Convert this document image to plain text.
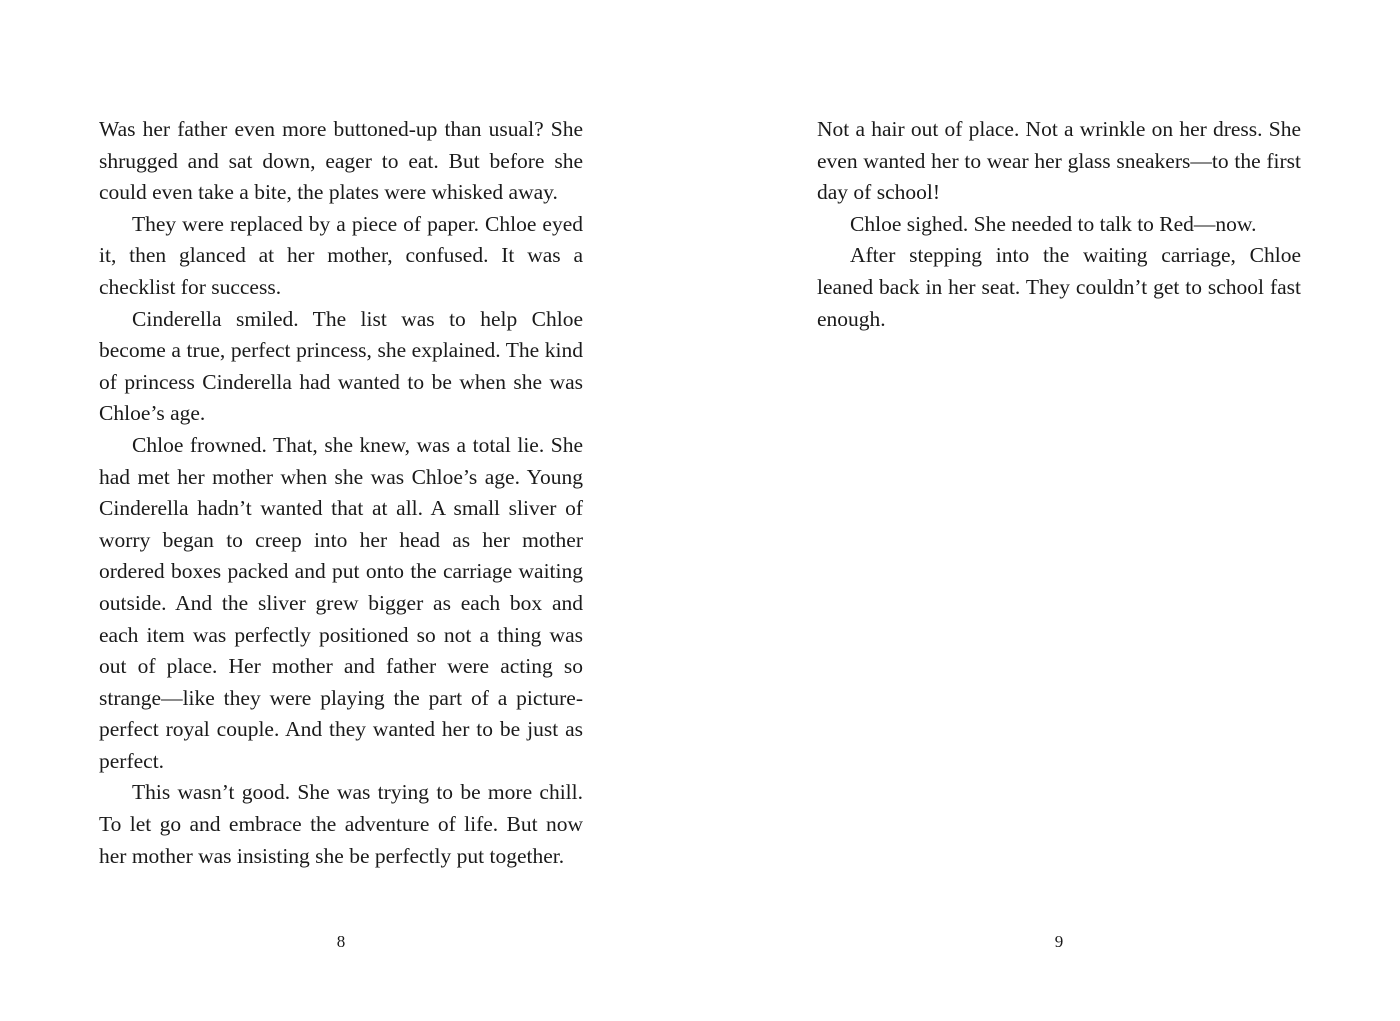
Was her father even more buttoned-up than usual? She shrugged and sat down, eager to eat. But before she could even take a bite, the plates were whisked away.

They were replaced by a piece of paper. Chloe eyed it, then glanced at her mother, confused. It was a checklist for success.

Cinderella smiled. The list was to help Chloe become a true, perfect princess, she explained. The kind of princess Cinderella had wanted to be when she was Chloe’s age.

Chloe frowned. That, she knew, was a total lie. She had met her mother when she was Chloe’s age. Young Cinderella hadn’t wanted that at all. A small sliver of worry began to creep into her head as her mother ordered boxes packed and put onto the carriage waiting outside. And the sliver grew bigger as each box and each item was perfectly positioned so not a thing was out of place. Her mother and father were acting so strange—like they were playing the part of a picture-perfect royal couple. And they wanted her to be just as perfect.

This wasn’t good. She was trying to be more chill. To let go and embrace the adventure of life. But now her mother was insisting she be perfectly put together.

8

Not a hair out of place. Not a wrinkle on her dress. She even wanted her to wear her glass sneakers—to the first day of school!

Chloe sighed. She needed to talk to Red—now.

After stepping into the waiting carriage, Chloe leaned back in her seat. They couldn’t get to school fast enough.

9
